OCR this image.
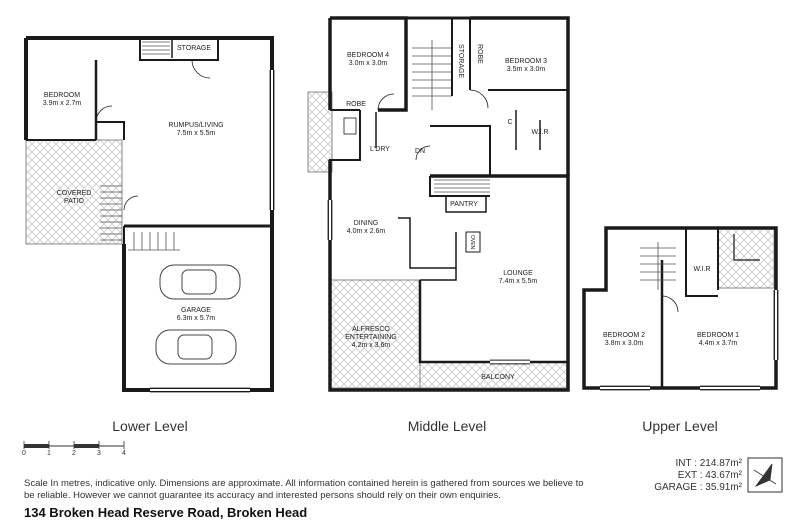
STORAGE
BEDROOM
3.9m x 2.7m
RUMPUS/LIVING
7.5m x 5.5m
COVERED
PATIO
GARAGE
6.3m x 5.7m
BEDROOM 4
3.0m x 3.0m	STORAGE ROBE	BEDROOM 3
3.5m x 3.0m
ROBE
C
W.I.R
L'DRY	DN
PANTRY
DINING
4.0m x 2.6m
OVEN
LOUNGE
7.4m x 5.5m
ALFRESCO
ENTERTAINING
4.2m x 3.6m
BALCONY
W.I.R
BEDROOM 2
3.8m x 3.0m
BEDROOM 1
4.4m x 3.7m
Lower Level	Middle Level	Upper Level
0	1	2	3	4
Scale In metres, indicative only. Dimensions are approximate. All information contained herein is gathered from sources we believe to be reliable. However we cannot guarantee its accuracy and interested persons should rely on their own enquiries.
134 Broken Head Reserve Road, Broken Head
INT : 214.87m²
EXT : 43.67m²
GARAGE : 35.91m²
